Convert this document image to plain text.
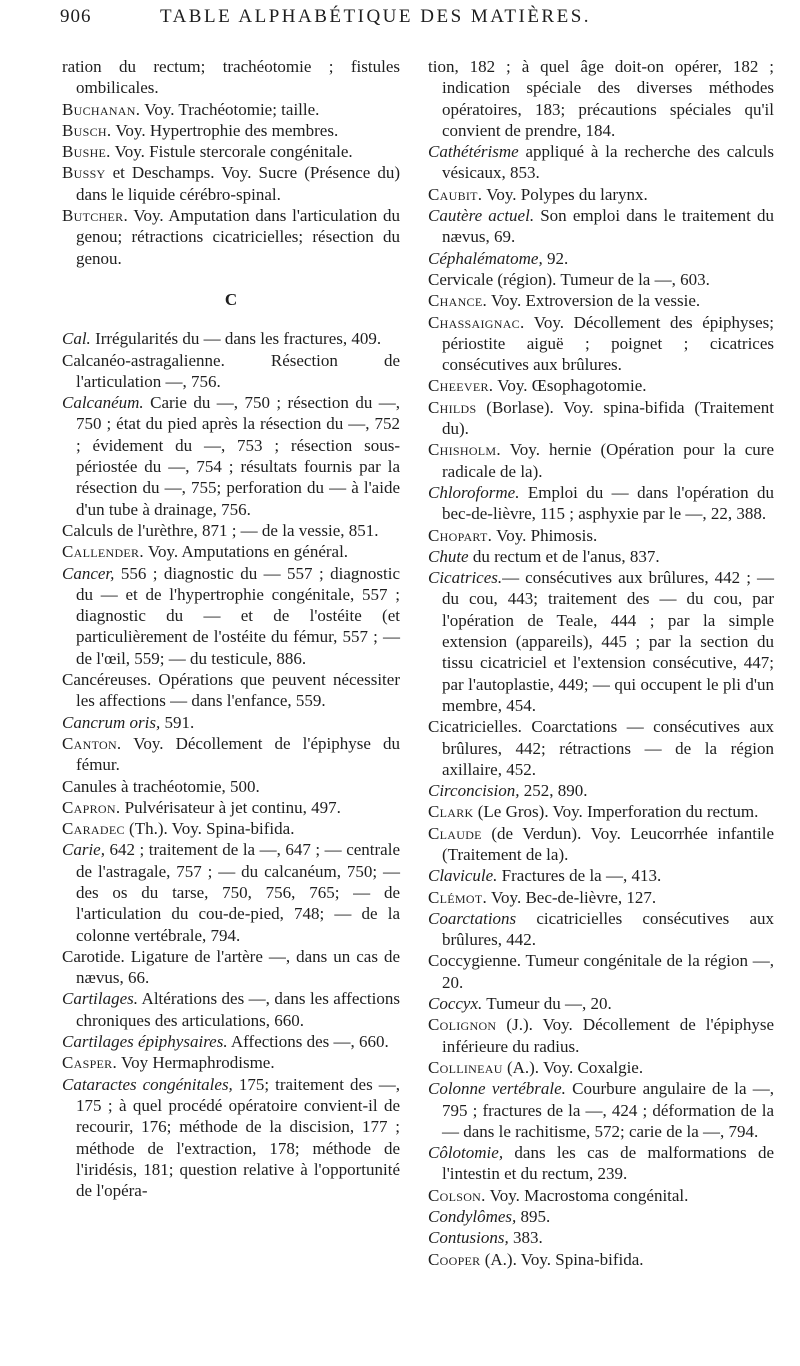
906	TABLE ALPHABÉTIQUE DES MATIÈRES.

ration du rectum; trachéotomie ; fistules ombilicales.

Buchanan. Voy. Trachéotomie; taille.

Busch. Voy. Hypertrophie des membres.

Bushe. Voy. Fistule stercorale congénitale.

Bussy et Deschamps. Voy. Sucre (Présence du) dans le liquide cérébro-spinal.

Butcher. Voy. Amputation dans l'articulation du genou; rétractions cicatricielles; résection du genou.

C

Cal. Irrégularités du — dans les fractures, 409.

Calcanéo-astragalienne. Résection de l'articulation —, 756.

Calcanéum. Carie du —, 750 ; résection du —, 750 ; état du pied après la résection du —, 752 ; évidement du —, 753 ; résection sous-périostée du —, 754 ; résultats fournis par la résection du —, 755; perforation du — à l'aide d'un tube à drainage, 756.

Calculs de l'urèthre, 871 ; — de la vessie, 851.

Callender. Voy. Amputations en général.

Cancer, 556 ; diagnostic du — 557 ; diagnostic du — et de l'hypertrophie congénitale, 557 ; diagnostic du — et de l'ostéite (et particulièrement de l'ostéite du fémur, 557 ; — de l'œil, 559; — du testicule, 886.

Cancéreuses. Opérations que peuvent nécessiter les affections — dans l'enfance, 559.

Cancrum oris, 591.

Canton. Voy. Décollement de l'épiphyse du fémur.

Canules à trachéotomie, 500.

Capron. Pulvérisateur à jet continu, 497.

Caradec (Th.). Voy. Spina-bifida.

Carie, 642 ; traitement de la —, 647 ; — centrale de l'astragale, 757 ; — du calcanéum, 750; — des os du tarse, 750, 756, 765; — de l'articulation du cou-de-pied, 748; — de la colonne vertébrale, 794.

Carotide. Ligature de l'artère —, dans un cas de nævus, 66.

Cartilages. Altérations des —, dans les affections chroniques des articulations, 660.

Cartilages épiphysaires. Affections des —, 660.

Casper. Voy Hermaphrodisme.

Cataractes congénitales, 175; traitement des —, 175 ; à quel procédé opératoire convient-il de recourir, 176; méthode de la discision, 177 ; méthode de l'extraction, 178; méthode de l'iridésis, 181; question relative à l'opportunité de l'opéra-

tion, 182 ; à quel âge doit-on opérer, 182 ; indication spéciale des diverses méthodes opératoires, 183; précautions spéciales qu'il convient de prendre, 184.

Cathétérisme appliqué à la recherche des calculs vésicaux, 853.

Caubit. Voy. Polypes du larynx.

Cautère actuel. Son emploi dans le traitement du nævus, 69.

Céphalématome, 92.

Cervicale (région). Tumeur de la —, 603.

Chance. Voy. Extroversion de la vessie.

Chassaignac. Voy. Décollement des épiphyses; périostite aiguë ; poignet ; cicatrices consécutives aux brûlures.

Cheever. Voy. Œsophagotomie.

Childs (Borlase). Voy. spina-bifida (Traitement du).

Chisholm. Voy. hernie (Opération pour la cure radicale de la).

Chloroforme. Emploi du — dans l'opération du bec-de-lièvre, 115 ; asphyxie par le —, 22, 388.

Chopart. Voy. Phimosis.

Chute du rectum et de l'anus, 837.

Cicatrices.— consécutives aux brûlures, 442 ; — du cou, 443; traitement des — du cou, par l'opération de Teale, 444 ; par la simple extension (appareils), 445 ; par la section du tissu cicatriciel et l'extension consécutive, 447; par l'autoplastie, 449; — qui occupent le pli d'un membre, 454.

Cicatricielles. Coarctations — consécutives aux brûlures, 442; rétractions — de la région axillaire, 452.

Circoncision, 252, 890.

Clark (Le Gros). Voy. Imperforation du rectum.

Claude (de Verdun). Voy. Leucorrhée infantile (Traitement de la).

Clavicule. Fractures de la —, 413.

Clémot. Voy. Bec-de-lièvre, 127.

Coarctations cicatricielles consécutives aux brûlures, 442.

Coccygienne. Tumeur congénitale de la région —, 20.

Coccyx. Tumeur du —, 20.

Colignon (J.). Voy. Décollement de l'épiphyse inférieure du radius.

Collineau (A.). Voy. Coxalgie.

Colonne vertébrale. Courbure angulaire de la —, 795 ; fractures de la —, 424 ; déformation de la — dans le rachitisme, 572; carie de la —, 794.

Côlotomie, dans les cas de malformations de l'intestin et du rectum, 239.

Colson. Voy. Macrostoma congénital.

Condylômes, 895.

Contusions, 383.

Cooper (A.). Voy. Spina-bifida.
